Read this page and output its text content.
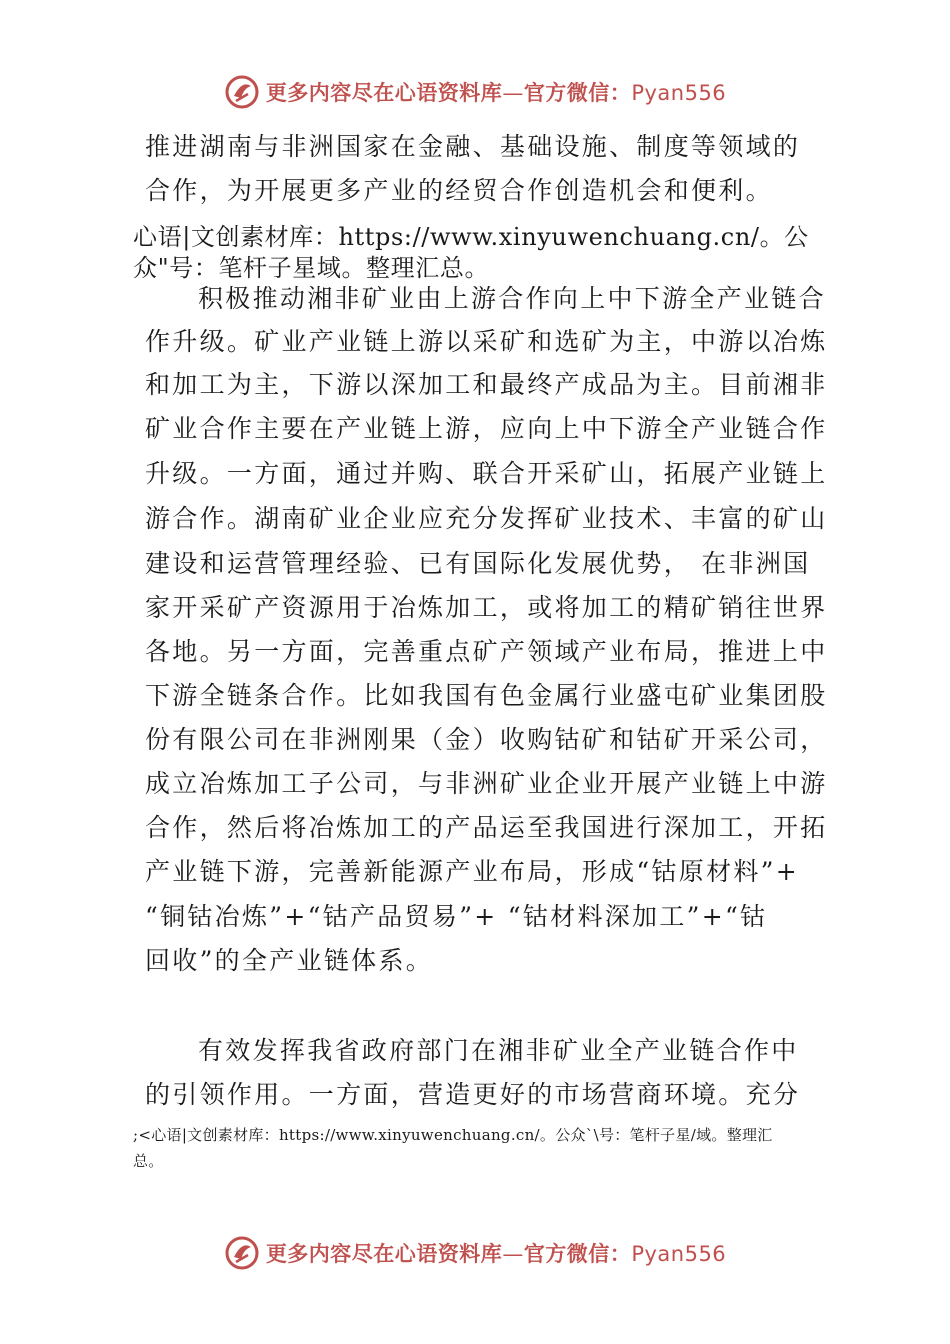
更多内容尽在心语资料库—官方微信：Pyan556
推进湖南与非洲国家在金融、基础设施、制度等领域的
合作，为开展更多产业的经贸合作创造机会和便利。
心语|文创素材库：https://www.xinyuwenchuang.cn/。公
众"号：笔杆子星域。整理汇总。
积极推动湘非矿业由上游合作向上中下游全产业链合
作升级。矿业产业链上游以采矿和选矿为主，中游以冶炼
和加工为主，下游以深加工和最终产成品为主。目前湘非
矿业合作主要在产业链上游，应向上中下游全产业链合作
升级。一方面，通过并购、联合开采矿山，拓展产业链上
游合作。湖南矿业企业应充分发挥矿业技术、丰富的矿山
建设和运营管理经验、已有国际化发展优势， 在非洲国
家开采矿产资源用于冶炼加工，或将加工的精矿销往世界
各地。另一方面，完善重点矿产领域产业布局，推进上中
下游全链条合作。比如我国有色金属行业盛屯矿业集团股
份有限公司在非洲刚果（金）收购钴矿和钴矿开采公司，
成立冶炼加工子公司，与非洲矿业企业开展产业链上中游
合作，然后将冶炼加工的产品运至我国进行深加工，开拓
产业链下游，完善新能源产业布局，形成“钴原材料”+
“铜钴冶炼”+“钴产品贸易”+ “钴材料深加工”+“钴
回收”的全产业链体系。
有效发挥我省政府部门在湘非矿业全产业链合作中
的引领作用。一方面，营造更好的市场营商环境。充分
;<心语|文创素材库：https://www.xinyuwenchuang.cn/。公众`\号：笔杆子星/域。整理汇
总。
更多内容尽在心语资料库—官方微信：Pyan556
